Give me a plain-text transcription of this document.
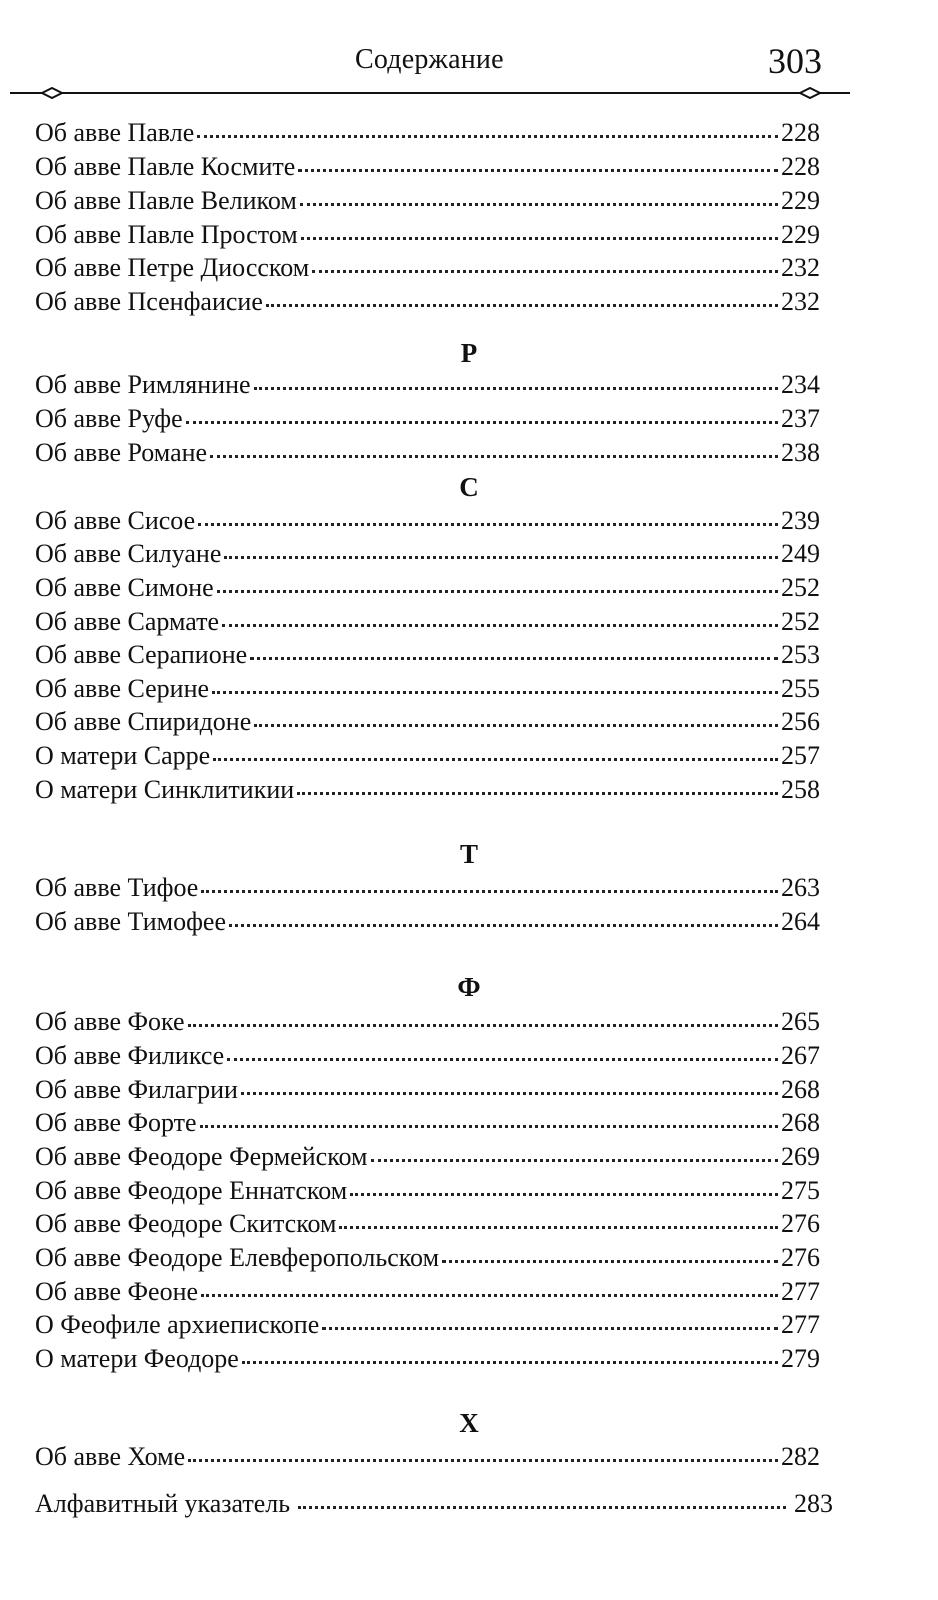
Содержание	303
Об авве Павле	228
Об авве Павле Космите	228
Об авве Павле Великом	229
Об авве Павле Простом	229
Об авве Петре Диосском	232
Об авве Псенфаисие	232
Р
Об авве Римлянине	234
Об авве Руфе	237
Об авве Романе	238
С
Об авве Сисое	239
Об авве Силуане	249
Об авве Симоне	252
Об авве Сармате	252
Об авве Серапионе	253
Об авве Серине	255
Об авве Спиридоне	256
О матери Сарре	257
О матери Синклитикии	258
Т
Об авве Тифое	263
Об авве Тимофее	264
Ф
Об авве Фоке	265
Об авве Филиксе	267
Об авве Филагрии	268
Об авве Форте	268
Об авве Феодоре Фермейском	269
Об авве Феодоре Еннатском	275
Об авве Феодоре Скитском	276
Об авве Феодоре Елевферопольском	276
Об авве Феоне	277
О Феофиле архиепископе	277
О матери Феодоре	279
Х
Об авве Хоме	282
Алфавитный указатель	283
